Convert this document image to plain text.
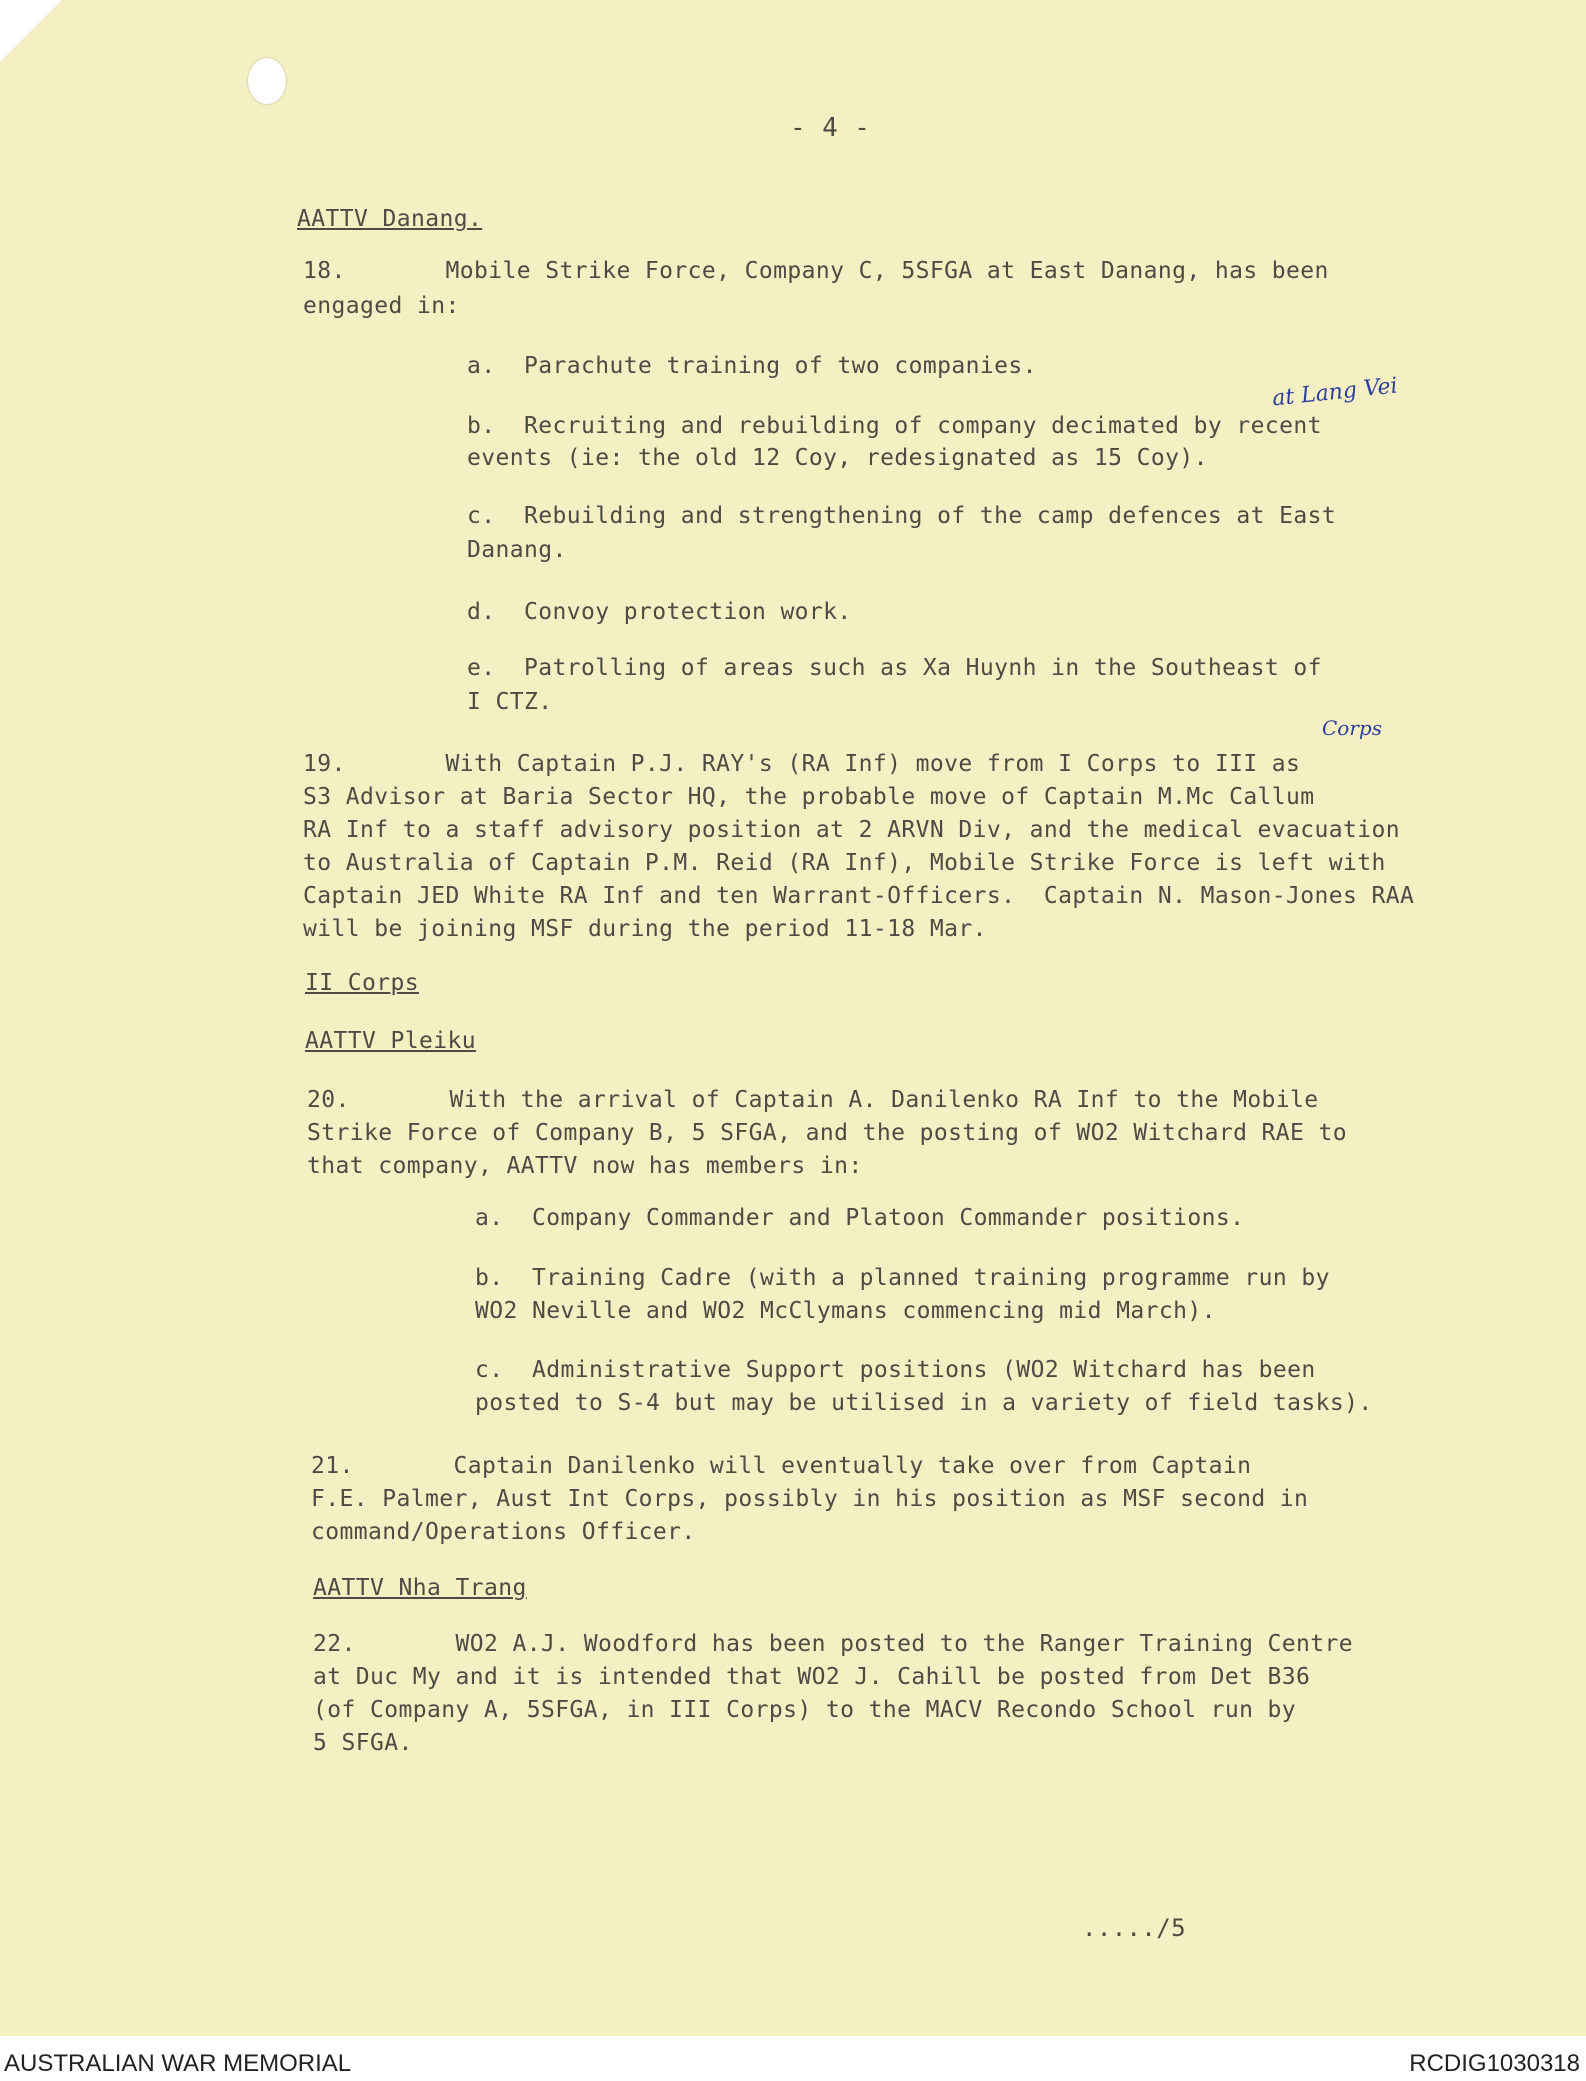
- 4 -
AATTV Danang.
18.       Mobile Strike Force, Company C, 5SFGA at East Danang, has been
engaged in:
a.  Parachute training of two companies.
b.  Recruiting and rebuilding of company decimated by recent
events (ie: the old 12 Coy, redesignated as 15 Coy).
at Lang Vei
c.  Rebuilding and strengthening of the camp defences at East
Danang.
d.  Convoy protection work.
e.  Patrolling of areas such as Xa Huynh in the Southeast of
I CTZ.
Corps
19.       With Captain P.J. RAY's (RA Inf) move from I Corps to III as
S3 Advisor at Baria Sector HQ, the probable move of Captain M.Mc Callum
RA Inf to a staff advisory position at 2 ARVN Div, and the medical evacuation
to Australia of Captain P.M. Reid (RA Inf), Mobile Strike Force is left with
Captain JED White RA Inf and ten Warrant-Officers.  Captain N. Mason-Jones RAA
will be joining MSF during the period 11-18 Mar.
II Corps
AATTV Pleiku
20.       With the arrival of Captain A. Danilenko RA Inf to the Mobile
Strike Force of Company B, 5 SFGA, and the posting of WO2 Witchard RAE to
that company, AATTV now has members in:
a.  Company Commander and Platoon Commander positions.
b.  Training Cadre (with a planned training programme run by
WO2 Neville and WO2 McClymans commencing mid March).
c.  Administrative Support positions (WO2 Witchard has been
posted to S-4 but may be utilised in a variety of field tasks).
21.       Captain Danilenko will eventually take over from Captain
F.E. Palmer, Aust Int Corps, possibly in his position as MSF second in
command/Operations Officer.
AATTV Nha Trang
22.       WO2 A.J. Woodford has been posted to the Ranger Training Centre
at Duc My and it is intended that WO2 J. Cahill be posted from Det B36
(of Company A, 5SFGA, in III Corps) to the MACV Recondo School run by
5 SFGA.
...../5
AUSTRALIAN WAR MEMORIAL	RCDIG1030318
